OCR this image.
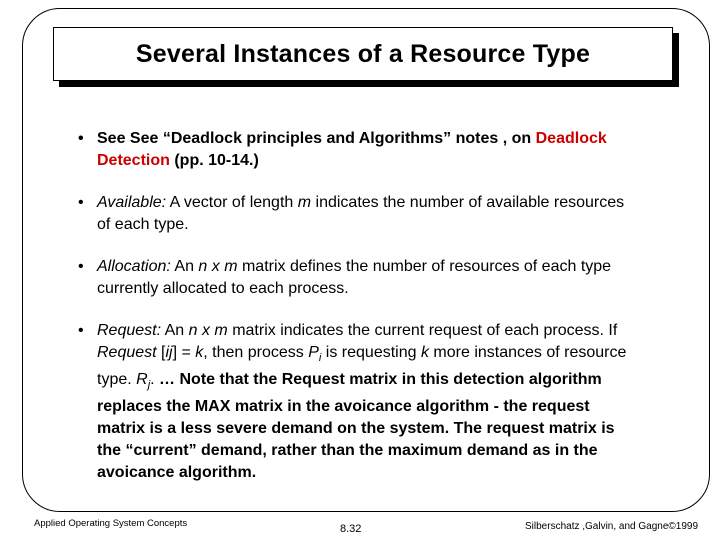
Several Instances of a Resource Type
• See See “Deadlock principles and Algorithms” notes , on Deadlock Detection (pp. 10-14.)
• Available: A vector of length m indicates the number of available resources of each type.
• Allocation: An n x m matrix defines the number of resources of each type currently allocated to each process.
• Request: An n x m matrix indicates the current request of each process. If Request [ij] = k, then process $P_i$ is requesting k more instances of resource type. $R_j$. … Note that the Request matrix in this detection algorithm replaces the MAX matrix in the avoicance algorithm - the request matrix is a less severe demand on the system. The request matrix is the “current” demand, rather than the maximum demand as in the avoicance algorithm.
Applied Operating System Concepts	8.32	Silberschatz ,Galvin, and Gagne©1999
